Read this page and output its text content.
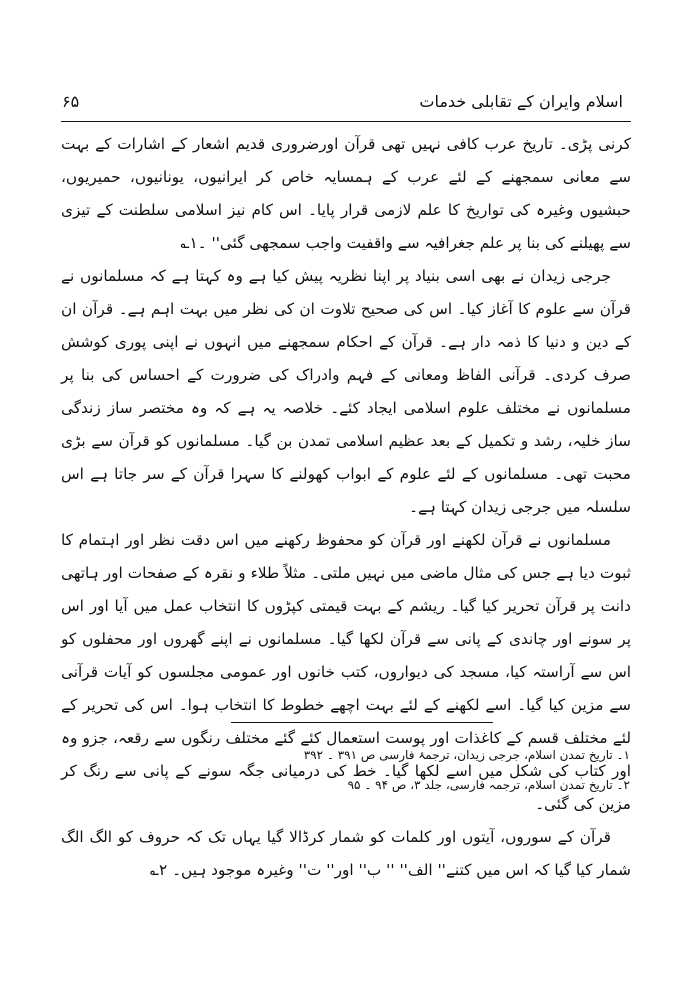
اسلام وایران کے تقابلی خدمات
۶۵

کرنی پڑی۔ تاریخ عرب کافی نہیں تھی قرآن اورضروری قدیم اشعار کے اشارات کے بہت سے معانی سمجھنے کے لئے عرب کے ہمسایہ خاص کر ایرانیوں، یونانیوں، حمیریوں، حبشیوں وغیرہ کی تواریخ کا علم لازمی قرار پایا۔ اس کام نیز اسلامی سلطنت کے تیزی سے پھیلنے کی بنا پر علم جغرافیہ سے واقفیت واجب سمجھی گئی'' ۔۱؎

جرجی زیدان نے بھی اسی بنیاد پر اپنا نظریہ پیش کیا ہے وہ کہتا ہے کہ مسلمانوں نے قرآن سے علوم کا آغاز کیا۔ اس کی صحیح تلاوت ان کی نظر میں بہت اہم ہے۔ قرآن ان کے دین و دنیا کا ذمہ دار ہے۔ قرآن کے احکام سمجھنے میں انہوں نے اپنی پوری کوشش صرف کردی۔ قرآنی الفاظ ومعانی کے فہم وادراک کی ضرورت کے احساس کی بنا پر مسلمانوں نے مختلف علوم اسلامی ایجاد کئے۔ خلاصہ یہ ہے کہ وہ مختصر ساز زندگی ساز خلیہ، رشد و تکمیل کے بعد عظیم اسلامی تمدن بن گیا۔ مسلمانوں کو قرآن سے بڑی محبت تھی۔ مسلمانوں کے لئے علوم کے ابواب کھولنے کا سہرا قرآن کے سر جاتا ہے اس سلسلہ میں جرجی زیدان کہتا ہے۔

مسلمانوں نے قرآن لکھنے اور قرآن کو محفوظ رکھنے میں اس دقت نظر اور اہتمام کا ثبوت دیا ہے جس کی مثال ماضی میں نہیں ملتی۔ مثلاً طلاء و نقرہ کے صفحات اور ہاتھی دانت پر قرآن تحریر کیا گیا۔ ریشم کے بہت قیمتی کپڑوں کا انتخاب عمل میں آیا اور اس پر سونے اور چاندی کے پانی سے قرآن لکھا گیا۔ مسلمانوں نے اپنے گھروں اور محفلوں کو اس سے آراستہ کیا، مسجد کی دیواروں، کتب خانوں اور عمومی مجلسوں کو آیات قرآنی سے مزین کیا گیا۔ اسے لکھنے کے لئے بہت اچھے خطوط کا انتخاب ہوا۔ اس کی تحریر کے لئے مختلف قسم کے کاغذات اور پوست استعمال کئے گئے مختلف رنگوں سے رقعہ، جزو وہ اور کتاب کی شکل میں اسے لکھا گیا۔ خط کی درمیانی جگہ سونے کے پانی سے رنگ کر مزین کی گئی۔

قرآن کے سوروں، آیتوں اور کلمات کو شمار کرڈالا گیا یہاں تک کہ حروف کو الگ الگ شمار کیا گیا کہ اس میں کتنے'' الف'' '' ب'' اور'' ت'' وغیرہ موجود ہیں۔ ۲؎

۱۔ تاریخ تمدن اسلام، جرجی زیدان، ترجمۂ فارسی ص ۳۹۱ ۔ ۳۹۲
۲۔ تاریخ تمدن اسلام، ترجمہ فارسی، جلد ۳، ص ۹۴ ۔ ۹۵
